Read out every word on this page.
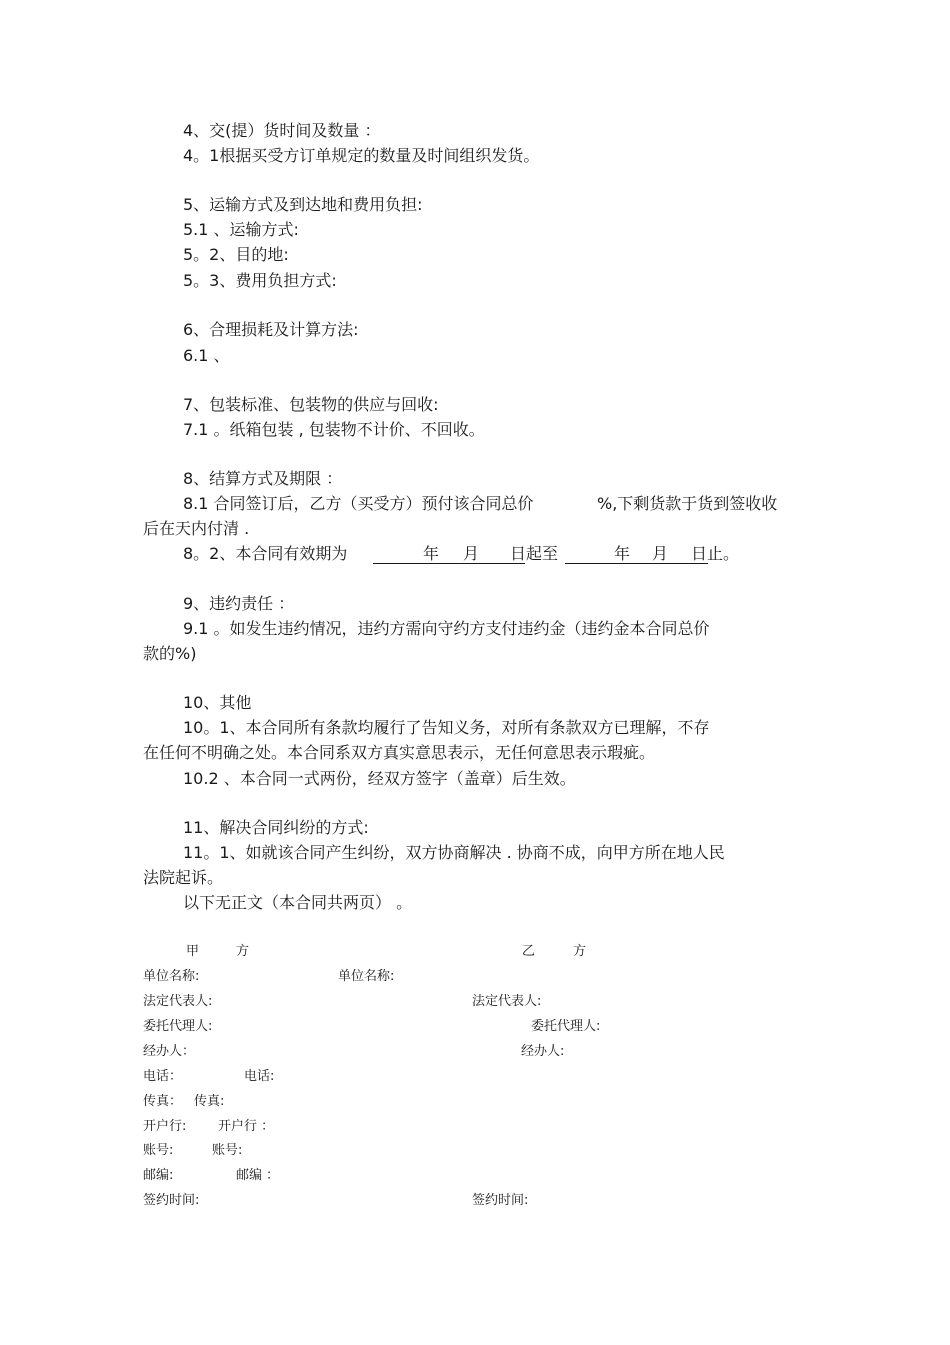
4、交(提）货时间及数量 ：
4。1根据买受方订单规定的数量及时间组织发货。
5、运输方式及到达地和费用负担:
5.1 、运输方式:
5。2、目的地:
5。3、费用负担方式:
6、合理损耗及计算方法:
6.1 、
7、包装标准、包装物的供应与回收:
7.1 。纸箱包装 , 包装物不计价、不回收。
8、结算方式及期限 ：
8.1 合同签订后，乙方（买受方）预付该合同总价	%,下剩货款于货到签收收
后在天内付清 .
8。2、本合同有效期为	年 月 日起至	年 月 日止。
9、违约责任 ：
9.1 。如发生违约情况，违约方需向守约方支付违约金（违约金本合同总价
款的%)
10、其他
10。1、本合同所有条款均履行了告知义务，对所有条款双方已理解，不存
在任何不明确之处。本合同系双方真实意思表示，无任何意思表示瑕疵。
10.2 、本合同一式两份，经双方签字（盖章）后生效。
11、解决合同纠纷的方式:
11。1、如就该合同产生纠纷，双方协商解决 . 协商不成，向甲方所在地人民
法院起诉。
以下无正文（本合同共两页） 。
甲	方	乙	方
单位名称:	单位名称:
法定代表人:	法定代表人:
委托代理人:	委托代理人:
经办人：	经办人:
电话：	电话:
传真： 传真:
开户行: 开户行 ：
账号:	账号:
邮编:	邮编 ：
签约时间:	签约时间:
